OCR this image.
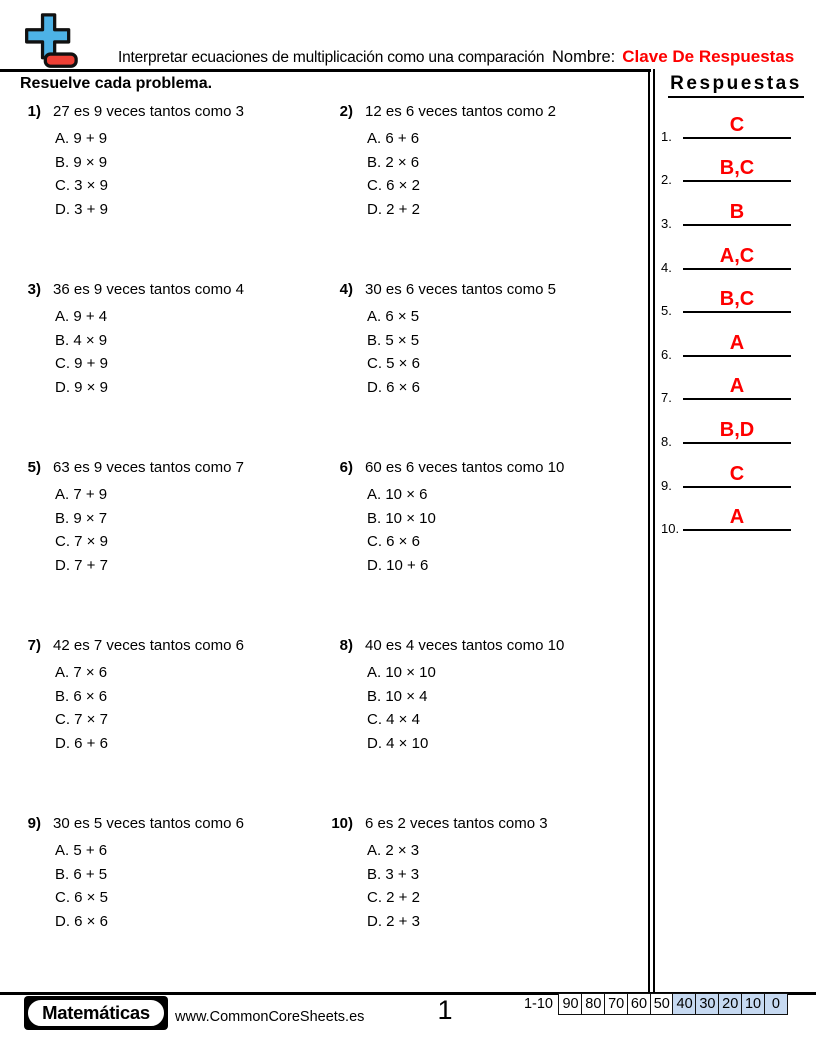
Interpretar ecuaciones de multiplicación como una comparación Nombre: Clave De Respuestas
Resuelve cada problema.
1) 27 es 9 veces tantos como 3
A. 9 + 9
B. 9 × 9
C. 3 × 9
D. 3 + 9
2) 12 es 6 veces tantos como 2
A. 6 + 6
B. 2 × 6
C. 6 × 2
D. 2 + 2
3) 36 es 9 veces tantos como 4
A. 9 + 4
B. 4 × 9
C. 9 + 9
D. 9 × 9
4) 30 es 6 veces tantos como 5
A. 6 × 5
B. 5 × 5
C. 5 × 6
D. 6 × 6
5) 63 es 9 veces tantos como 7
A. 7 + 9
B. 9 × 7
C. 7 × 9
D. 7 + 7
6) 60 es 6 veces tantos como 10
A. 10 × 6
B. 10 × 10
C. 6 × 6
D. 10 + 6
7) 42 es 7 veces tantos como 6
A. 7 × 6
B. 6 × 6
C. 7 × 7
D. 6 + 6
8) 40 es 4 veces tantos como 10
A. 10 × 10
B. 10 × 4
C. 4 × 4
D. 4 × 10
9) 30 es 5 veces tantos como 6
A. 5 + 6
B. 6 + 5
C. 6 × 5
D. 6 × 6
10) 6 es 2 veces tantos como 3
A. 2 × 3
B. 3 + 3
C. 2 + 2
D. 2 + 3
Respuestas
1.
C
2.
B,C
3.
B
4.
A,C
5.
B,C
6.
A
7.
A
8.
B,D
9.
C
10.
A
Matemáticas	www.CommonCoreSheets.es	1	1-10 90 80 70 60 50 40 30 20 10 0
